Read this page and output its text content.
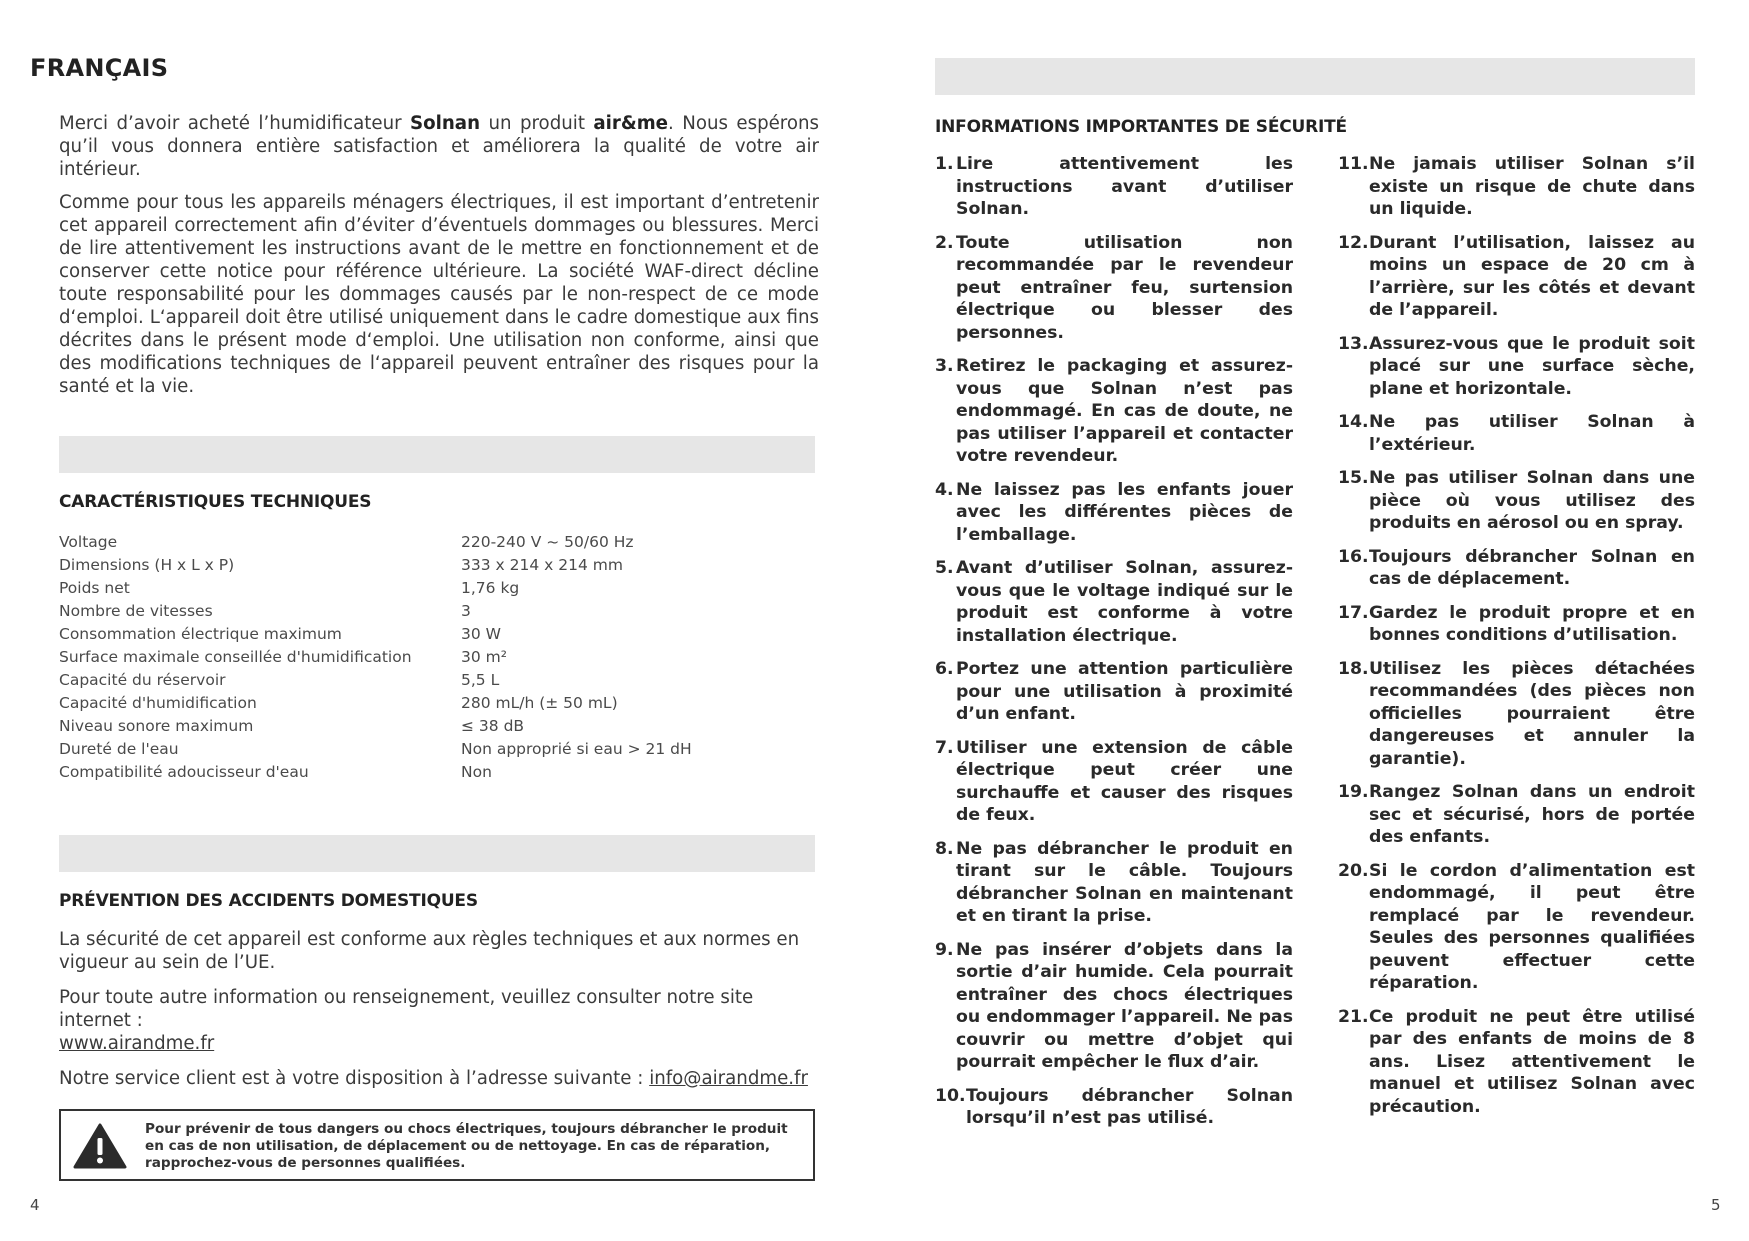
FRANÇAIS

Merci d’avoir acheté l’humidificateur Solnan un produit air&me. Nous espérons qu’il vous donnera entière satisfaction et améliorera la qualité de votre air intérieur.

Comme pour tous les appareils ménagers électriques, il est important d’entretenir cet appareil correctement afin d’éviter d’éventuels dommages ou blessures. Merci de lire attentivement les instructions avant de le mettre en fonctionnement et de conserver cette notice pour référence ultérieure. La société WAF-direct décline toute responsabilité pour les dommages causés par le non-respect de ce mode d‘emploi. L‘appareil doit être utilisé uniquement dans le cadre domestique aux fins décrites dans le présent mode d‘emploi. Une utilisation non conforme, ainsi que des modifications techniques de l‘appareil peuvent entraîner des risques pour la santé et la vie.

CARACTÉRISTIQUES TECHNIQUES
Voltage	220-240 V ~ 50/60 Hz
Dimensions (H x L x P)	333 x 214 x 214 mm
Poids net	1,76 kg
Nombre de vitesses	3
Consommation électrique maximum	30 W
Surface maximale conseillée d'humidification	30 m²
Capacité du réservoir	5,5 L
Capacité d'humidification	280 mL/h (± 50 mL)
Niveau sonore maximum	≤ 38 dB
Dureté de l'eau	Non approprié si eau > 21 dH
Compatibilité adoucisseur d'eau	Non
PRÉVENTION DES ACCIDENTS DOMESTIQUES

La sécurité de cet appareil est conforme aux règles techniques et aux normes en vigueur au sein de l’UE.

Pour toute autre information ou renseignement, veuillez consulter notre site internet :
www.airandme.fr

Notre service client est à votre disposition à l’adresse suivante : info@airandme.fr

Pour prévenir de tous dangers ou chocs électriques, toujours débrancher le produit en cas de non utilisation, de déplacement ou de nettoyage. En cas de réparation, rapprochez-vous de personnes qualifiées.
4
INFORMATIONS IMPORTANTES DE SÉCURITÉ
1. Lire attentivement les instructions avant d’utiliser Solnan.
2. Toute utilisation non recommandée par le revendeur peut entraîner feu, surtension électrique ou blesser des personnes.
3. Retirez le packaging et assurez-vous que Solnan n’est pas endommagé. En cas de doute, ne pas utiliser l’appareil et contacter votre revendeur.
4. Ne laissez pas les enfants jouer avec les différentes pièces de l’emballage.
5. Avant d’utiliser Solnan, assurez-vous que le voltage indiqué sur le produit est conforme à votre installation électrique.
6. Portez une attention particulière pour une utilisation à proximité d’un enfant.
7. Utiliser une extension de câble électrique peut créer une surchauffe et causer des risques de feux.
8. Ne pas débrancher le produit en tirant sur le câble. Toujours débrancher Solnan en maintenant et en tirant la prise.
9. Ne pas insérer d’objets dans la sortie d’air humide. Cela pourrait entraîner des chocs électriques ou endommager l’appareil. Ne pas couvrir ou mettre d’objet qui pourrait empêcher le flux d’air.
10. Toujours débrancher Solnan lorsqu’il n’est pas utilisé.
11. Ne jamais utiliser Solnan s’il existe un risque de chute dans un liquide.
12. Durant l’utilisation, laissez au moins un espace de 20 cm à l’arrière, sur les côtés et devant de l’appareil.
13. Assurez-vous que le produit soit placé sur une surface sèche, plane et horizontale.
14. Ne pas utiliser Solnan à l’extérieur.
15. Ne pas utiliser Solnan dans une pièce où vous utilisez des produits en aérosol ou en spray.
16. Toujours débrancher Solnan en cas de déplacement.
17. Gardez le produit propre et en bonnes conditions d’utilisation.
18. Utilisez les pièces détachées recommandées (des pièces non officielles pourraient être dangereuses et annuler la garantie).
19. Rangez Solnan dans un endroit sec et sécurisé, hors de portée des enfants.
20. Si le cordon d’alimentation est endommagé, il peut être remplacé par le revendeur. Seules des personnes qualifiées peuvent effectuer cette réparation.
21. Ce produit ne peut être utilisé par des enfants de moins de 8 ans. Lisez attentivement le manuel et utilisez Solnan avec précaution.
5
